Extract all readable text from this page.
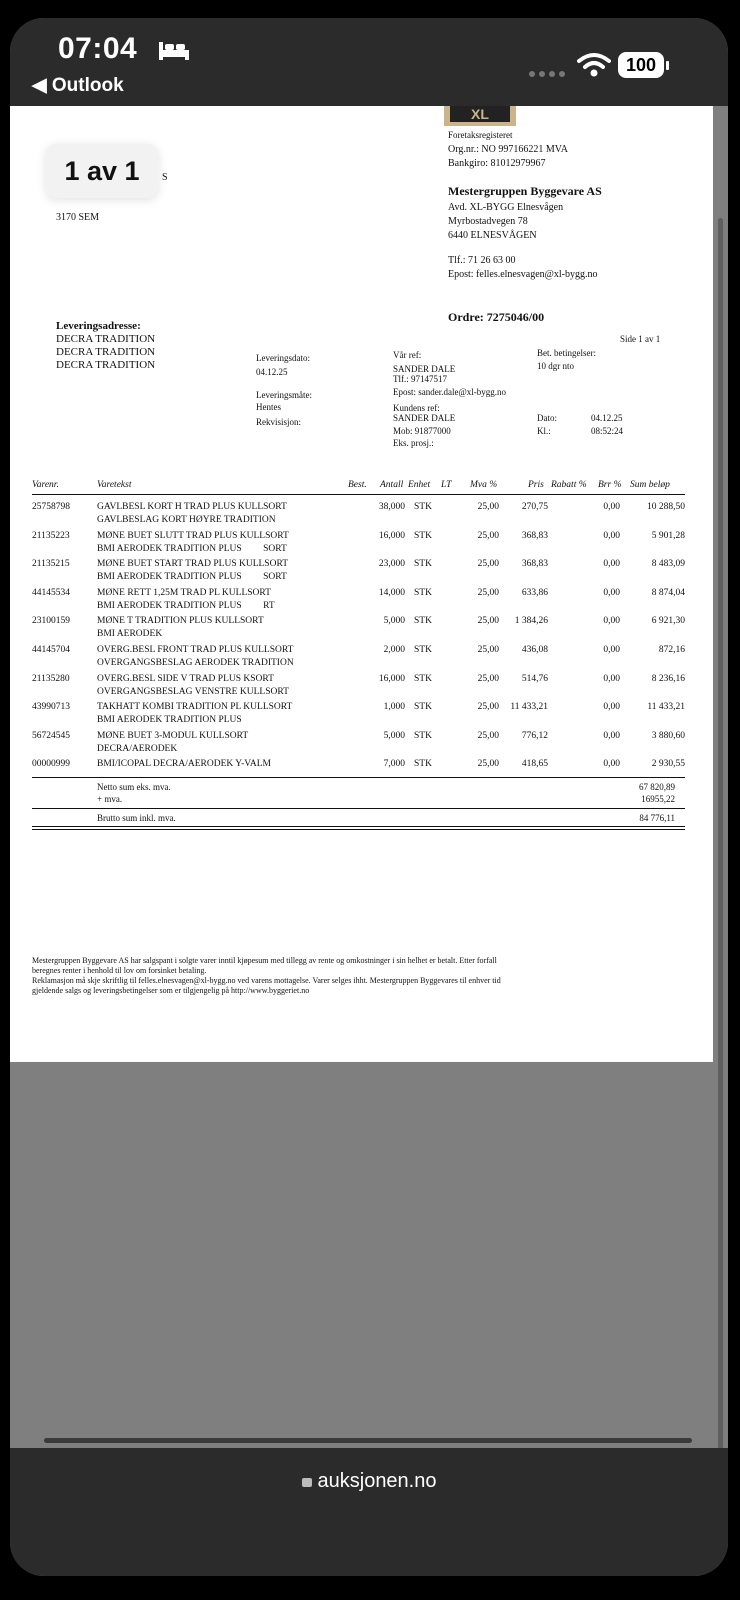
07:04
◀ Outlook
100
XL
Foretaksregisteret
Org.nr.: NO 997166221 MVA
Bankgiro: 81012979967
Mestergruppen Byggevare AS
Avd. XL-BYGG Elnesvågen
Myrbostadvegen 78
6440 ELNESVÅGEN
Tlf.: 71 26 63 00
Epost: felles.elnesvagen@xl-bygg.no
S
3170 SEM
Ordre: 7275046/00
Side 1 av 1
Leveringsadresse:
DECRA TRADITION
DECRA TRADITION
DECRA TRADITION
Leveringsdato:
04.12.25
Leveringsmåte:
Hentes
Rekvisisjon:
Vår ref:
SANDER DALE
Tlf.: 97147517
Epost: sander.dale@xl-bygg.no
Kundens ref:
SANDER DALE
Mob: 91877000
Eks. prosj.:
Bet. betingelser:
10 dgr nto
Dato:	04.12.25
Kl.:	08:52:24
Varenr.	Varetekst	Best. Antall Enhet LT Mva %	Pris Rabatt % Brr % Sum beløp
25758798	GAVLBESL KORT H TRAD PLUS KULLSORT	38,000 STK	25,00	270,75	0,00	10 288,50
GAVLBESLAG KORT HØYRE TRADITION
21135223	MØNE BUET SLUTT TRAD PLUS KULLSORT	16,000 STK	25,00	368,83	0,00	5 901,28
BMI AERODEK TRADITION PLUS         SORT
21135215	MØNE BUET START TRAD PLUS KULLSORT	23,000 STK	25,00	368,83	0,00	8 483,09
BMI AERODEK TRADITION PLUS         SORT
44145534	MØNE RETT 1,25M TRAD PL KULLSORT	14,000 STK	25,00	633,86	0,00	8 874,04
BMI AERODEK TRADITION PLUS         RT
23100159	MØNE T TRADITION PLUS KULLSORT	5,000 STK	25,00	1 384,26	0,00	6 921,30
BMI AERODEK
44145704	OVERG.BESL FRONT TRAD PLUS KULLSORT	2,000 STK	25,00	436,08	0,00	872,16
OVERGANGSBESLAG AERODEK TRADITION
21135280	OVERG.BESL SIDE V TRAD PLUS KSORT	16,000 STK	25,00	514,76	0,00	8 236,16
OVERGANGSBESLAG VENSTRE KULLSORT
43990713	TAKHATT KOMBI TRADITION PL KULLSORT	1,000 STK	25,00	11 433,21	0,00	11 433,21
BMI AERODEK TRADITION PLUS
56724545	MØNE BUET 3-MODUL KULLSORT	5,000 STK	25,00	776,12	0,00	3 880,60
DECRA/AERODEK
00000999	BMI/ICOPAL DECRA/AERODEK Y-VALM	7,000 STK	25,00	418,65	0,00	2 930,55
Netto sum eks. mva.	67 820,89
+ mva.	16955,22
Brutto sum inkl. mva.	84 776,11
Mestergruppen Byggevare AS har salgspant i solgte varer inntil kjøpesum med tillegg av rente og omkostninger i sin helhet er betalt. Etter forfall
beregnes renter i henhold til lov om forsinket betaling.
Reklamasjon må skje skriftlig til felles.elnesvagen@xl-bygg.no ved varens mottagelse. Varer selges ihht. Mestergruppen Byggevares til enhver tid
gjeldende salgs og leveringsbetingelser som er tilgjengelig på http://www.byggeriet.no
1 av 1
auksjonen.no
